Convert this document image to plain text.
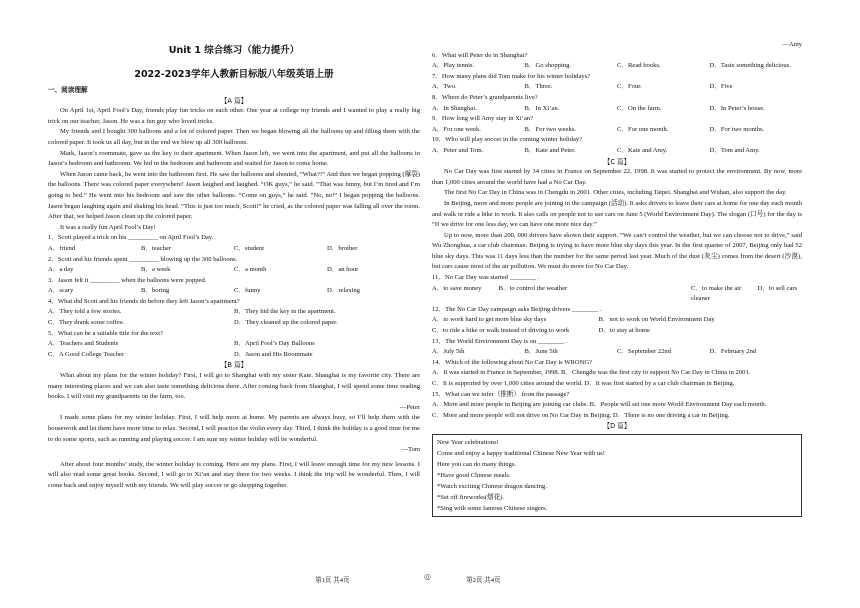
Unit 1 综合练习（能力提升）
2022-2023学年人教新目标版八年级英语上册
一、阅读理解
【A 篇】

On April 1st, April Fool’s Day, friends play fun tricks on each other. One year at college my friends and I wanted to play a really big trick on our teacher, Jason. He was a fun guy who loved tricks.

My friends and I bought 300 balloons and a lot of colored paper. Then we began blowing all the balloons up and filling them with the colored paper. It took us all day, but in the end we blew up all 300 balloons.

Mark, Jason’s roommate, gave us the key to their apartment. When Jason left, we went into the apartment, and put all the balloons in Jason’s bedroom and bathroom. We hid in the bedroom and bathroom and waited for Jason to come home.

When Jason came back, he went into the bathroom first. He saw the balloons and shouted, “What?!” And then we began popping (爆裂) the balloons. There was colored paper everywhere! Jason laughed and laughed. “OK guys,” he said. “That was funny, but I’m tired and I’m going to bed.” He went into his bedroom and saw the other balloons. “Come on guys,” he said. “No, no!” I began popping the balloons. Jason began laughing again and shaking his head. “This is just too much, Scott!” he cried, as the colored paper was falling all over the room. After that, we helped Jason clean up the colored paper.

It was a really fun April Fool’s Day!

1．Scott played a trick on his _________ on April Fool’s Day.

A．friend	B．teacher	C．student	D．brother

2．Scott and his friends spent _________ blowing up the 300 balloons.

A．a day	B．a week	C．a month	D．an hour

3．Jason felt it _________ when the balloons were popped.

A．scary	B．boring	C．funny	D．relaxing

4．What did Scott and his friends do before they left Jason’s apartment?

A．They told a few stories.	B．They hid the key in the apartment.
C．They drank some coffee.	D．They cleaned up the colored paper.

5．What can be a suitable title for the text?

A．Teachers and Students	B．April Fool’s Day Balloons
C．A Good College Teacher	D．Jason and His Roommate
【B 篇】

What about my plans for the winter holiday? First, I will go to Shanghai with my sister Kate. Shanghai is my favorite city. There are many interesting places and we can also taste something delicious there. After coming back from Shanghai, I will spend some time reading books. I will visit my grandparents on the farm, too.

—Peter

I made some plans for my winter holiday. First, I will help more at home. My parents are always busy, so I’ll help them with the housework and let them have more time to relax. Second, I will practice the violin every day. Third, I think the holiday is a good time for me to do some sports, such as running and playing soccer. I am sure my winter holiday will be wonderful.

—Tom

After about four months’ study, the winter holiday is coming. Here are my plans. First, I will leave enough time for my new lessons. I will also read some great books. Second, I will go to Xi’an and stay there for two weeks. I think the trip will be wonderful. Then, I will come back and enjoy myself with my friends. We will play soccer or go shopping together.

—Amy

6．What will Peter do in Shanghai?

A．Play tennis.	B．Go shopping.	C．Read books.	D．Taste something delicious.

7．How many plans did Tom make for his winter holidays?

A．Two.	B．Three.	C．Four.	D．Five

8．Where do Peter’s grandparents live?

A．In Shanghai.	B．In Xi’an.	C．On the farm.	D．In Peter’s house.

9．How long will Amy stay in Xi’an?

A．For one week.	B．For two weeks.	C．For one month.	D．For two months.

10．Who will play soccer in the coming winter holiday?

A．Peter and Tom.	B．Kate and Peter.	C．Kate and Amy.	D．Tom and Amy.
【C 篇】

No Car Day was first started by 34 cities in France on September 22, 1998. It was started to protect the environment. By now, more than 1,000 cities around the world have had a No Car Day.

The first No Car Day in China was in Chengdu in 2001. Other cities, including Taipei. Shanghai and Wuhan, also support the day.

In Beijing, more and more people are joining in the campaign (活动). It asks drivers to leave their cars at home for one day each month and walk or ride a bike to work. It also calls on people not to use cars on June 5 (World Environment Day). The slogan (口号) for the day is “If we drive for one less day, we can have one more nice day.”

Up to now, more than 200, 000 drivers have shown their support. “We can’t control the weather, but we can choose not to drive,” said Wu Zhonghua, a car club chairman. Beijing is trying to have more blue sky days this year. In the first quarter of 2007, Beijing only had 52 blue sky days. This was 11 days less than the number for the same period last year. Much of the dust (灰尘) comes from the desert (沙漠), but cars cause most of the air pollution. We must do more for No Car Day.

11．No Car Day was started ________ .

A．to save money	B．to control the weather	C．to make the air cleaner
D．to sell cars

12．The No Car Day campaign asks Beijing drivers ________ .

A．to work hard to get more blue sky days	B．not to work on World Environment Day
C．to ride a bike or walk instead of driving to work	D．to stay at home

13．The World Environment Day is on ________ .

A．July 5th	B．June 5th	C．September 22nd	D．February 2nd

14．Which of the following about No Car Day is WRONG?

A．It was started in France in September, 1998. B．Chengdu was the first city to support No Car Day in China in 2001.

C．It is supported by over 1,000 cities around the world. D．It was first started by a car club chairman in Beijing.

15．What can we infer（推断） from the passage?

A．More and more people in Beijing are joining car clubs. B．People will set one more World Environment Day each month.

C．More and more people will not drive on No Car Day in Beijing. D．There is no one driving a car in Beijing.

【D 篇】

New Year celebrations!

Come and enjoy a happy traditional Chinese New Year with us!

Here you can do many things.

*Have good Chinese meals.

*Watch exciting Chinese dragon dancing.

*Set off fireworks(烟花).

*Sing with some famous Chinese singers.

第1页 共4页	◎	第2页 共4页
